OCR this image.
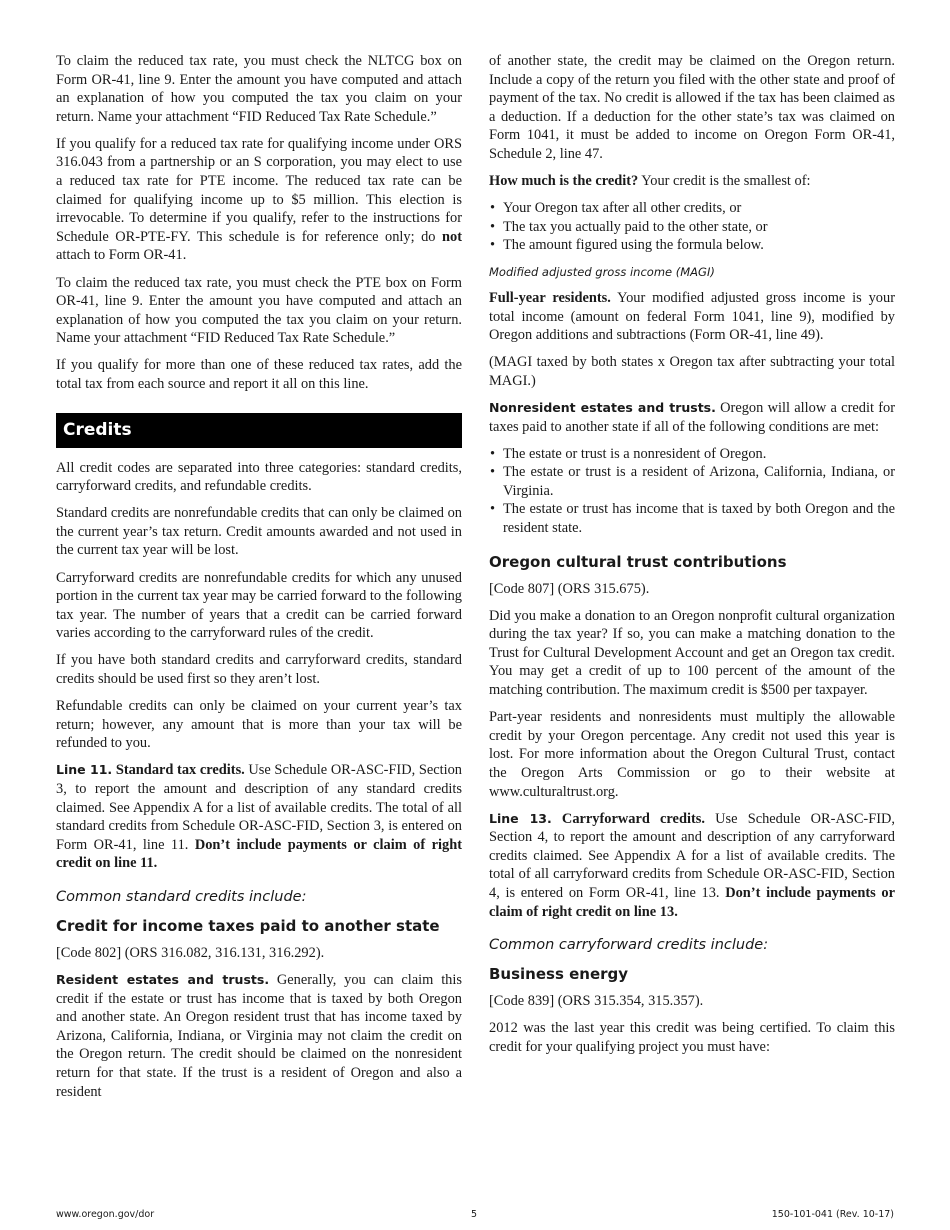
To claim the reduced tax rate, you must check the NLTCG box on Form OR-41, line 9. Enter the amount you have computed and attach an explanation of how you computed the tax you claim on your return. Name your attachment “FID Reduced Tax Rate Schedule.”

If you qualify for a reduced tax rate for qualifying income under ORS 316.043 from a partnership or an S corporation, you may elect to use a reduced tax rate for PTE income. The reduced tax rate can be claimed for qualifying income up to $5 million. This election is irrevocable. To determine if you qualify, refer to the instructions for Schedule OR-PTE-FY. This schedule is for reference only; do not attach to Form OR-41.

To claim the reduced tax rate, you must check the PTE box on Form OR-41, line 9. Enter the amount you have computed and attach an explanation of how you computed the tax you claim on your return. Name your attachment “FID Reduced Tax Rate Schedule.”

If you qualify for more than one of these reduced tax rates, add the total tax from each source and report it all on this line.

Credits

All credit codes are separated into three categories: standard credits, carryforward credits, and refundable credits.

Standard credits are nonrefundable credits that can only be claimed on the current year’s tax return. Credit amounts awarded and not used in the current tax year will be lost.

Carryforward credits are nonrefundable credits for which any unused portion in the current tax year may be carried forward to the following tax year. The number of years that a credit can be carried forward varies according to the carryforward rules of the credit.

If you have both standard credits and carryforward credits, standard credits should be used first so they aren’t lost.

Refundable credits can only be claimed on your current year’s tax return; however, any amount that is more than your tax will be refunded to you.

Line 11. Standard tax credits. Use Schedule OR-ASC-FID, Section 3, to report the amount and description of any standard credits claimed. See Appendix A for a list of available credits. The total of all standard credits from Schedule OR-ASC-FID, Section 3, is entered on Form OR-41, line 11. Don’t include payments or claim of right credit on line 11.

Common standard credits include:
Credit for income taxes paid to another state

[Code 802] (ORS 316.082, 316.131, 316.292).

Resident estates and trusts. Generally, you can claim this credit if the estate or trust has income that is taxed by both Oregon and another state. An Oregon resident trust that has income taxed by Arizona, California, Indiana, or Virginia may not claim the credit on the Oregon return. The credit should be claimed on the nonresident return for that state. If the trust is a resident of Oregon and also a resident

of another state, the credit may be claimed on the Oregon return. Include a copy of the return you filed with the other state and proof of payment of the tax. No credit is allowed if the tax has been claimed as a deduction. If a deduction for the other state’s tax was claimed on Form 1041, it must be added to income on Oregon Form OR-41, Schedule 2, line 47.

How much is the credit? Your credit is the smallest of:

• Your Oregon tax after all other credits, or
• The tax you actually paid to the other state, or
• The amount figured using the formula below.
Modified adjusted gross income (MAGI)

Full-year residents. Your modified adjusted gross income is your total income (amount on federal Form 1041, line 9), modified by Oregon additions and subtractions (Form OR-41, line 49).

(MAGI taxed by both states x Oregon tax after subtracting your total MAGI.)

Nonresident estates and trusts. Oregon will allow a credit for taxes paid to another state if all of the following conditions are met:

• The estate or trust is a nonresident of Oregon.
• The estate or trust is a resident of Arizona, California, Indiana, or Virginia.
• The estate or trust has income that is taxed by both Oregon and the resident state.
Oregon cultural trust contributions

[Code 807] (ORS 315.675).

Did you make a donation to an Oregon nonprofit cultural organization during the tax year? If so, you can make a matching donation to the Trust for Cultural Development Account and get an Oregon tax credit. You may get a credit of up to 100 percent of the amount of the matching contribution. The maximum credit is $500 per taxpayer.

Part-year residents and nonresidents must multiply the allowable credit by your Oregon percentage. Any credit not used this year is lost. For more information about the Oregon Cultural Trust, contact the Oregon Arts Commission or go to their website at www.culturaltrust.org.

Line 13. Carryforward credits. Use Schedule OR-ASC-FID, Section 4, to report the amount and description of any carryforward credits claimed. See Appendix A for a list of available credits. The total of all carryforward credits from Schedule OR-ASC-FID, Section 4, is entered on Form OR-41, line 13. Don’t include payments or claim of right credit on line 13.

Common carryforward credits include:
Business energy

[Code 839] (ORS 315.354, 315.357).

2012 was the last year this credit was being certified. To claim this credit for your qualifying project you must have:

www.oregon.gov/dor	5	150-101-041 (Rev. 10-17)
